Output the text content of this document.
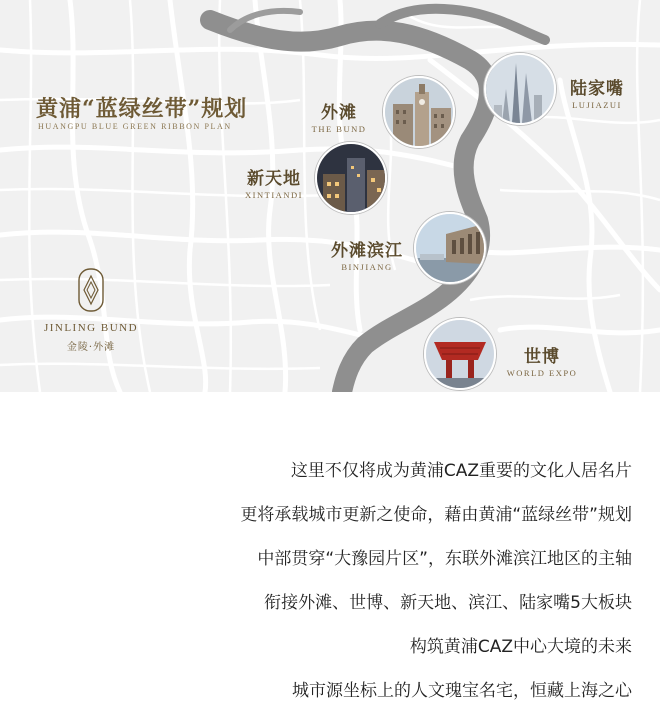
黄浦“蓝绿丝带”规划
HUANGPU BLUE GREEN RIBBON PLAN
外滩
THE BUND
陆家嘴
LUJIAZUI
新天地
XINTIANDI
外滩滨江
BINJIANG
世博
WORLD EXPO
JINLING BUND
金陵·外滩
这里不仅将成为黄浦CAZ重要的文化人居名片
更将承载城市更新之使命，藉由黄浦“蓝绿丝带”规划
中部贯穿“大豫园片区”，东联外滩滨江地区的主轴
衔接外滩、世博、新天地、滨江、陆家嘴5大板块
构筑黄浦CAZ中心大境的未来
城市源坐标上的人文瑰宝名宅，恒藏上海之心
